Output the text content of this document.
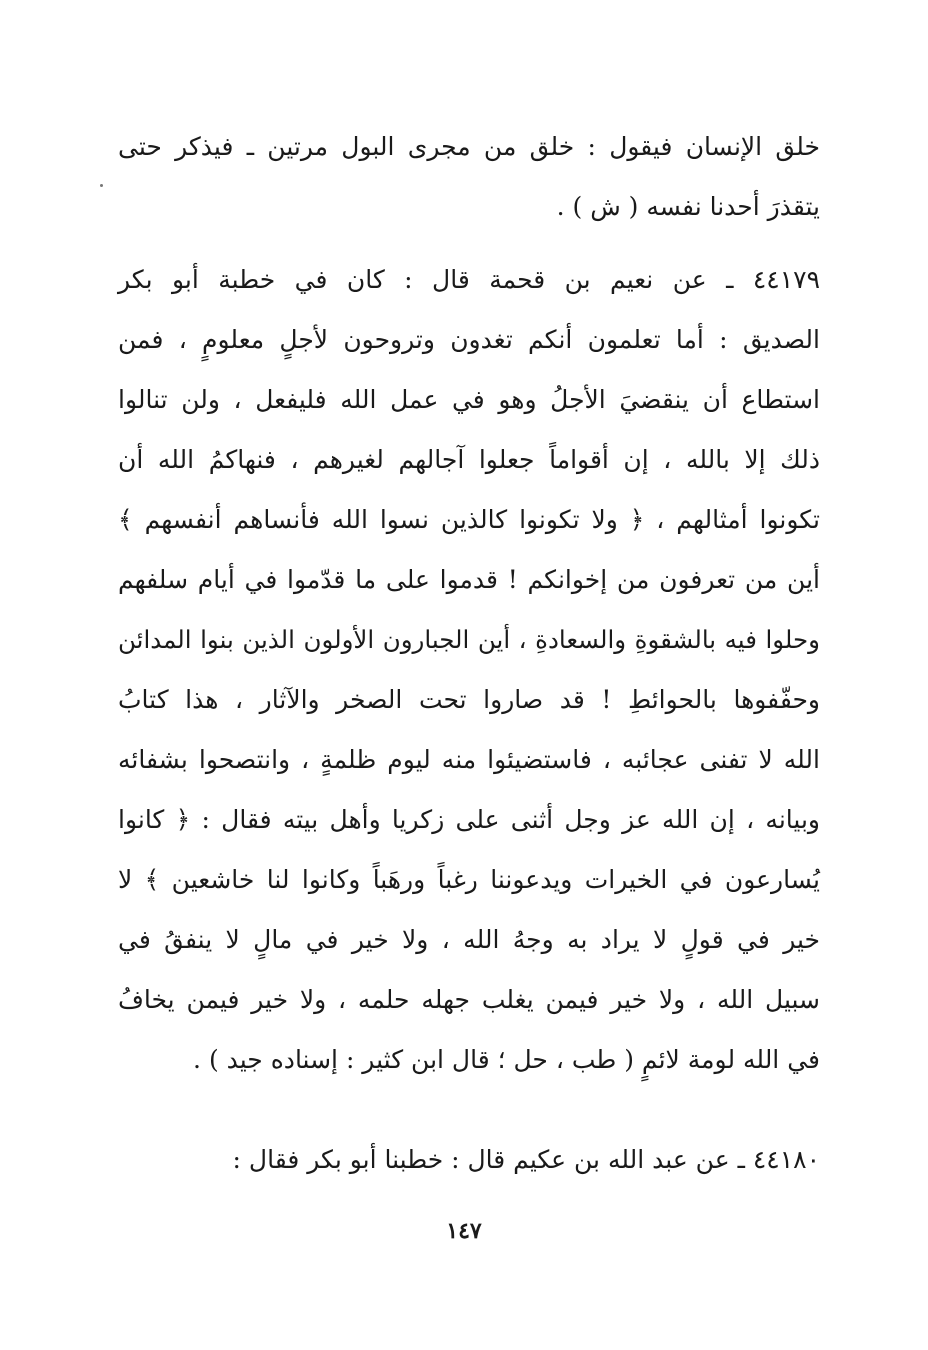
خلق الإنسان فيقول : خلق من مجرى البول مرتين ـ فيذكر حتى
يتقذرَ أحدنا نفسه ( ش ) .
٤٤١٧٩ ـ عن نعيم بن قحمة قال : كان في خطبة أبو بكر
الصديق : أما تعلمون أنكم تغدون وتروحون لأجلٍ معلومٍ ، فمن
استطاع أن ينقضيَ الأجلُ وهو في عمل الله فليفعل ، ولن تنالوا
ذلك إلا بالله ، إن أقواماً جعلوا آجالهم لغيرهم ، فنهاكمُ الله أن
تكونوا أمثالهم ، ﴿ ولا تكونوا كالذين نسوا الله فأنساهم أنفسهم ﴾
أين من تعرفون من إخوانكم ! قدموا على ما قدّموا في أيام سلفهم
وحلوا فيه بالشقوةِ والسعادةِ ، أين الجبارون الأولون الذين بنوا المدائن
وحفّفوها بالحوائطِ ! قد صاروا تحت الصخر والآثار ، هذا كتابُ
الله لا تفنى عجائبه ، فاستضيئوا منه ليوم ظلمةٍ ، وانتصحوا بشفائه
وبيانه ، إن الله عز وجل أثنى على زكريا وأهل بيته فقال : ﴿ كانوا
يُسارعون في الخيرات ويدعوننا رغباً ورهَباً وكانوا لنا خاشعين ﴾ لا
خير في قولٍ لا يراد به وجهُ الله ، ولا خير في مالٍ لا ينفقُ في
سبيل الله ، ولا خير فيمن يغلب جهله حلمه ، ولا خير فيمن يخافُ
في الله لومة لائمٍ ( طب ، حل ؛ قال ابن كثير : إسناده جيد ) .
٤٤١٨٠ ـ عن عبد الله بن عكيم قال : خطبنا أبو بكر فقال :
١٤٧
